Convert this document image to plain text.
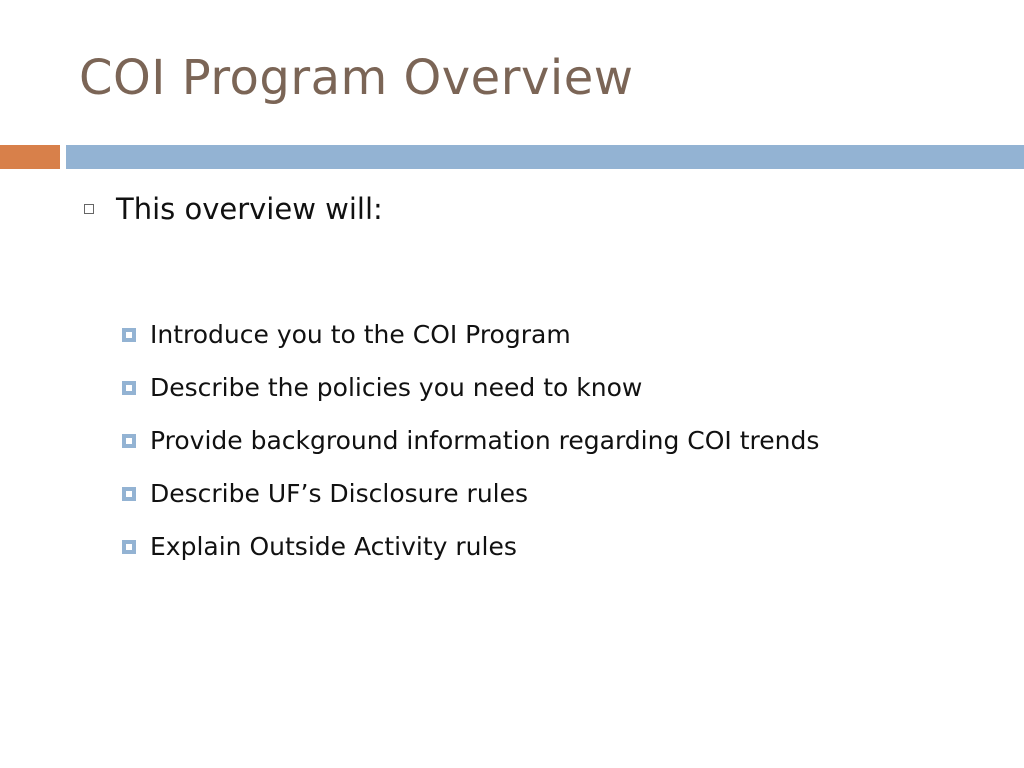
COI Program Overview
This overview will:
Introduce you to the COI Program
Describe the policies you need to know
Provide background information regarding COI trends
Describe UF’s Disclosure rules
Explain Outside Activity rules
